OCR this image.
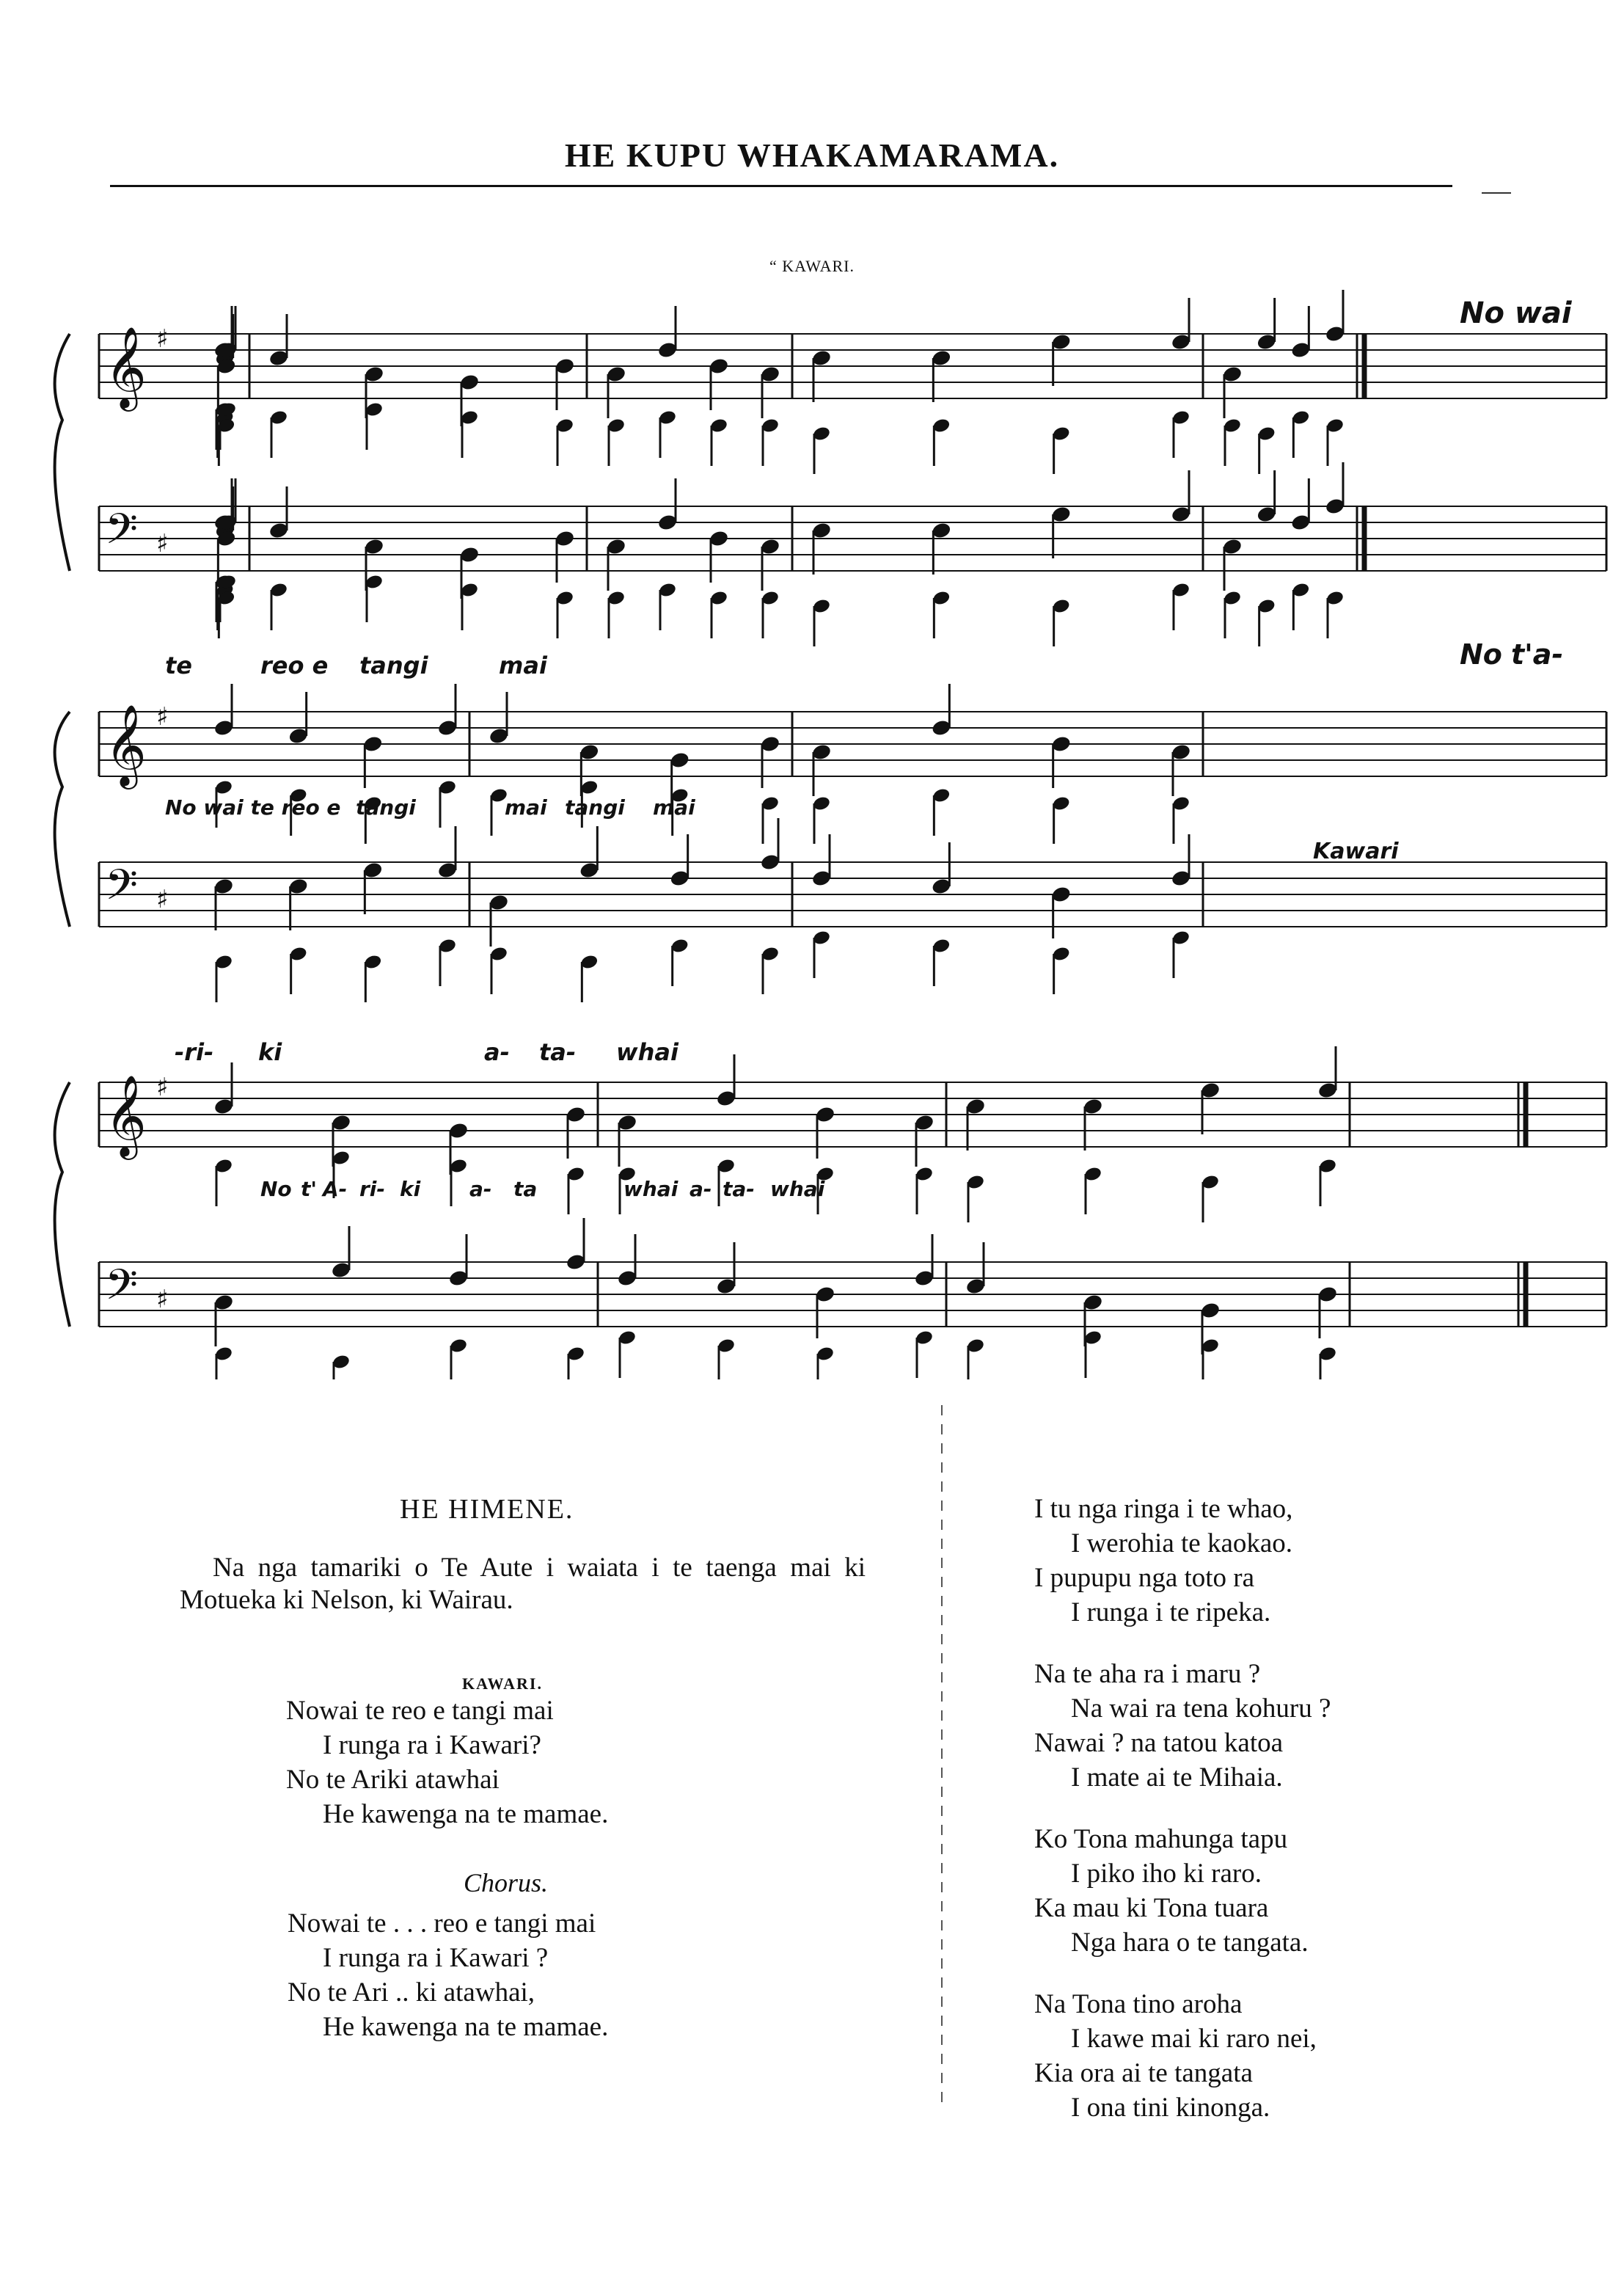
HE KUPU WHAKAMARAMA.
“ KAWARI.
𝄞 ♯
𝄢 ♯
𝄞 ♯
𝄢 ♯
𝄞 ♯
𝄢 ♯
No wai
te	reo e tangi	mai	No t'a-
No wai te reo e tangi	mai tangi mai
Kawari
-ri- ki	a- ta- whai
No t' A- ri- ki a- ta	whai a- ta- whai
HE HIMENE.
Na nga tamariki o Te Aute i waiata i te taenga mai ki Motueka ki Nelson, ki Wairau.
KAWARI.
Nowai te reo e tangi mai
I runga ra i Kawari?
No te Ariki atawhai
He kawenga na te mamae.
Chorus.
Nowai te . . . reo e tangi mai
I runga ra i Kawari ?
No te Ari .. ki atawhai,
He kawenga na te mamae.
I tu nga ringa i te whao,
I werohia te kaokao.
I pupupu nga toto ra
I runga i te ripeka.
Na te aha ra i maru ?
Na wai ra tena kohuru ?
Nawai ? na tatou katoa
I mate ai te Mihaia.
Ko Tona mahunga tapu
I piko iho ki raro.
Ka mau ki Tona tuara
Nga hara o te tangata.
Na Tona tino aroha
I kawe mai ki raro nei,
Kia ora ai te tangata
I ona tini kinonga.
